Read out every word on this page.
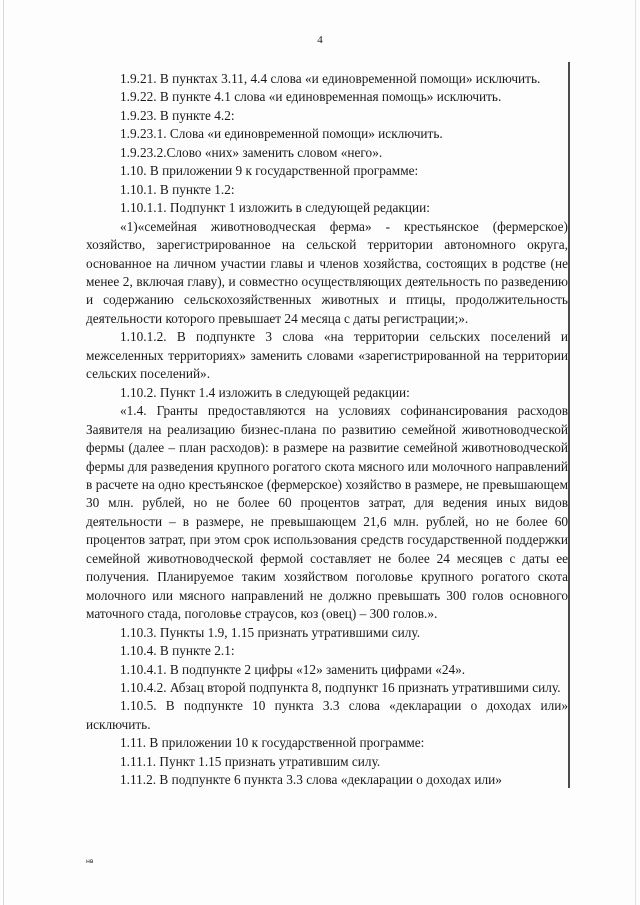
4

1.9.21. В пунктах 3.11, 4.4 слова «и единовременной помощи» исключить.

1.9.22. В пункте 4.1 слова «и единовременная помощь» исключить.

1.9.23. В пункте 4.2:

1.9.23.1. Слова «и единовременной помощи» исключить.

1.9.23.2.Слово «них» заменить словом «него».

1.10. В приложении 9 к государственной программе:

1.10.1. В пункте 1.2:

1.10.1.1. Подпункт 1 изложить в следующей редакции:

«1)«семейная животноводческая ферма» - крестьянское (фермерское) хозяйство, зарегистрированное на сельской территории автономного округа, основанное на личном участии главы и членов хозяйства, состоящих в родстве (не менее 2, включая главу), и совместно осуществляющих деятельность по разведению и содержанию сельскохозяйственных животных и птицы, продолжительность деятельности которого превышает 24 месяца с даты регистрации;».

1.10.1.2. В подпункте 3 слова «на территории сельских поселений и межселенных территориях» заменить словами «зарегистрированной на территории сельских поселений».

1.10.2. Пункт 1.4 изложить в следующей редакции:

«1.4. Гранты предоставляются на условиях софинансирования расходов Заявителя на реализацию бизнес-плана по развитию семейной животноводческой фермы (далее – план расходов): в размере на развитие семейной животноводческой фермы для разведения крупного рогатого скота мясного или молочного направлений в расчете на одно крестьянское (фермерское) хозяйство в размере, не превышающем 30 млн. рублей, но не более 60 процентов затрат, для ведения иных видов деятельности – в размере, не превышающем 21,6 млн. рублей, но не более 60 процентов затрат, при этом срок использования средств государственной поддержки семейной животноводческой фермой составляет не более 24 месяцев с даты ее получения. Планируемое таким хозяйством поголовье крупного рогатого скота молочного или мясного направлений не должно превышать 300 голов основного маточного стада, поголовье страусов, коз (овец) – 300 голов.».

1.10.3. Пункты 1.9, 1.15 признать утратившими силу.

1.10.4. В пункте 2.1:

1.10.4.1. В подпункте 2 цифры «12» заменить цифрами «24».

1.10.4.2. Абзац второй подпункта 8, подпункт 16 признать утратившими силу.

1.10.5. В подпункте 10 пункта 3.3 слова «декларации о доходах или» исключить.

1.11. В приложении 10 к государственной программе:

1.11.1. Пункт 1.15 признать утратившим силу.

1.11.2. В подпункте 6 пункта 3.3 слова «декларации о доходах или»

нв
